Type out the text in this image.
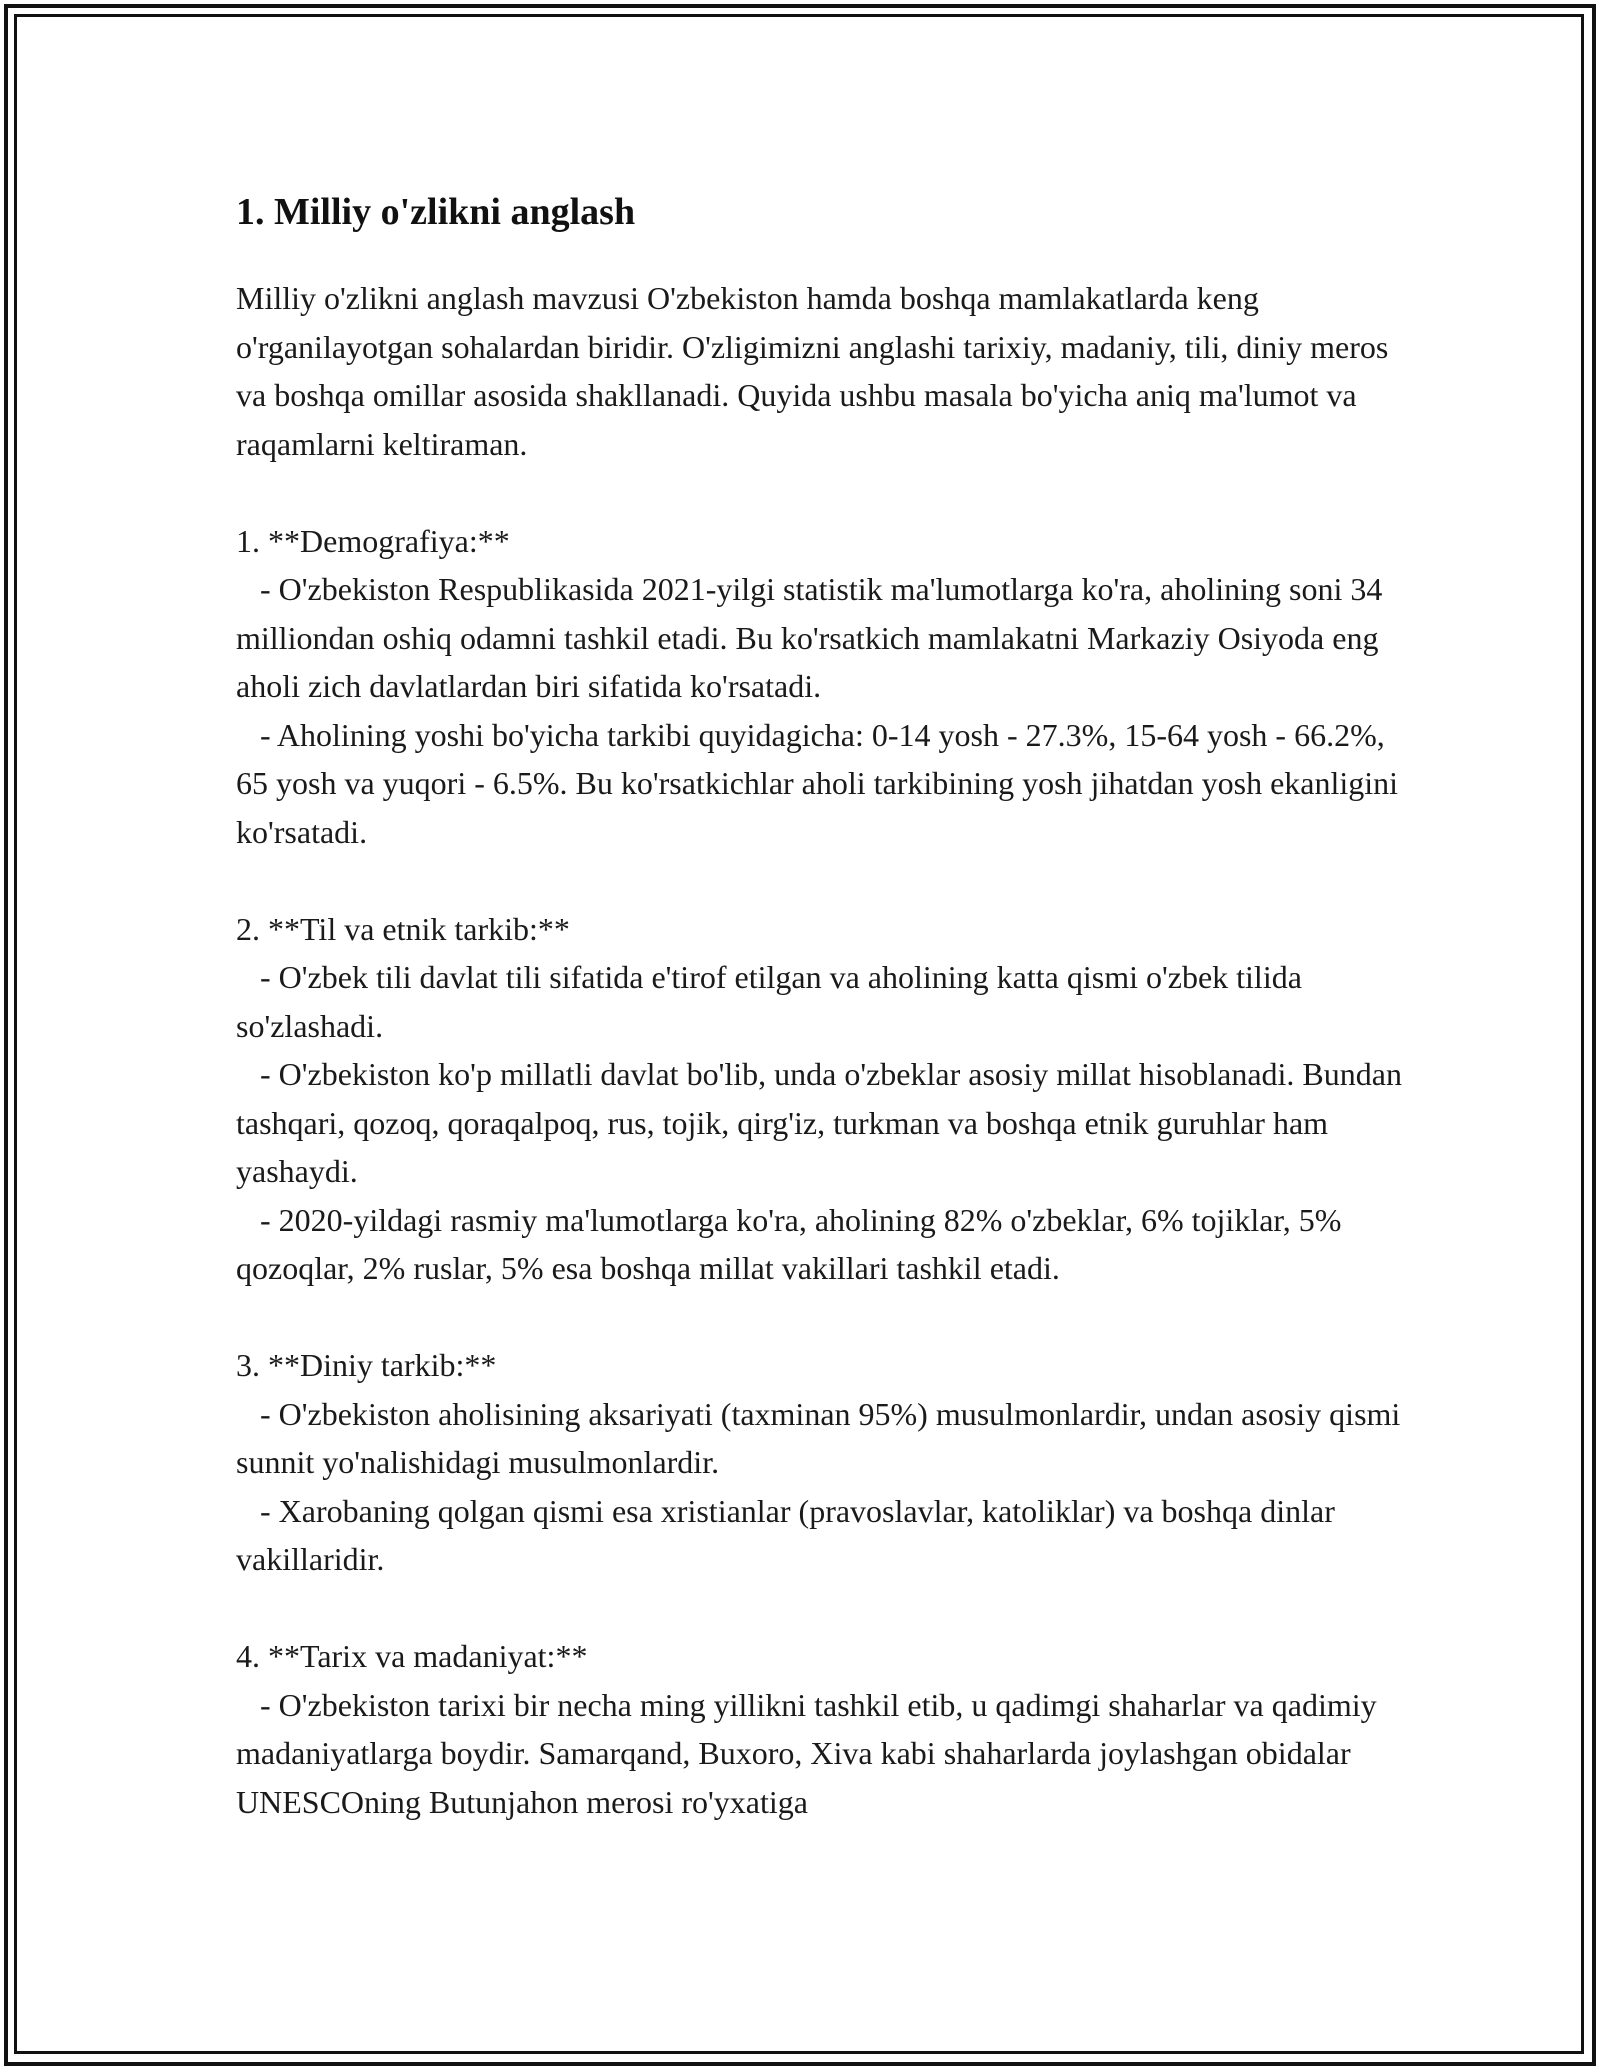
1. Milliy o'zlikni anglash

Milliy o'zlikni anglash mavzusi O'zbekiston hamda boshqa mamlakatlarda keng o'rganilayotgan sohalardan biridir. O'zligimizni anglashi tarixiy, madaniy, tili, diniy meros va boshqa omillar asosida shakllanadi. Quyida ushbu masala bo'yicha aniq ma'lumot va raqamlarni keltiraman.

1. **Demografiya:**

- O'zbekiston Respublikasida 2021-yilgi statistik ma'lumotlarga ko'ra, aholining soni 34 milliondan oshiq odamni tashkil etadi. Bu ko'rsatkich mamlakatni Markaziy Osiyoda eng aholi zich davlatlardan biri sifatida ko'rsatadi.

- Aholining yoshi bo'yicha tarkibi quyidagicha: 0-14 yosh - 27.3%, 15-64 yosh - 66.2%, 65 yosh va yuqori - 6.5%. Bu ko'rsatkichlar aholi tarkibining yosh jihatdan yosh ekanligini ko'rsatadi.

2. **Til va etnik tarkib:**

- O'zbek tili davlat tili sifatida e'tirof etilgan va aholining katta qismi o'zbek tilida so'zlashadi.

- O'zbekiston ko'p millatli davlat bo'lib, unda o'zbeklar asosiy millat hisoblanadi. Bundan tashqari, qozoq, qoraqalpoq, rus, tojik, qirg'iz, turkman va boshqa etnik guruhlar ham yashaydi.

- 2020-yildagi rasmiy ma'lumotlarga ko'ra, aholining 82% o'zbeklar, 6% tojiklar, 5% qozoqlar, 2% ruslar, 5% esa boshqa millat vakillari tashkil etadi.

3. **Diniy tarkib:**

- O'zbekiston aholisining aksariyati (taxminan 95%) musulmonlardir, undan asosiy qismi sunnit yo'nalishidagi musulmonlardir.

- Xarobaning qolgan qismi esa xristianlar (pravoslavlar, katoliklar) va boshqa dinlar vakillaridir.

4. **Tarix va madaniyat:**

- O'zbekiston tarixi bir necha ming yillikni tashkil etib, u qadimgi shaharlar va qadimiy madaniyatlarga boydir. Samarqand, Buxoro, Xiva kabi shaharlarda joylashgan obidalar UNESCOning Butunjahon merosi ro'yxatiga
